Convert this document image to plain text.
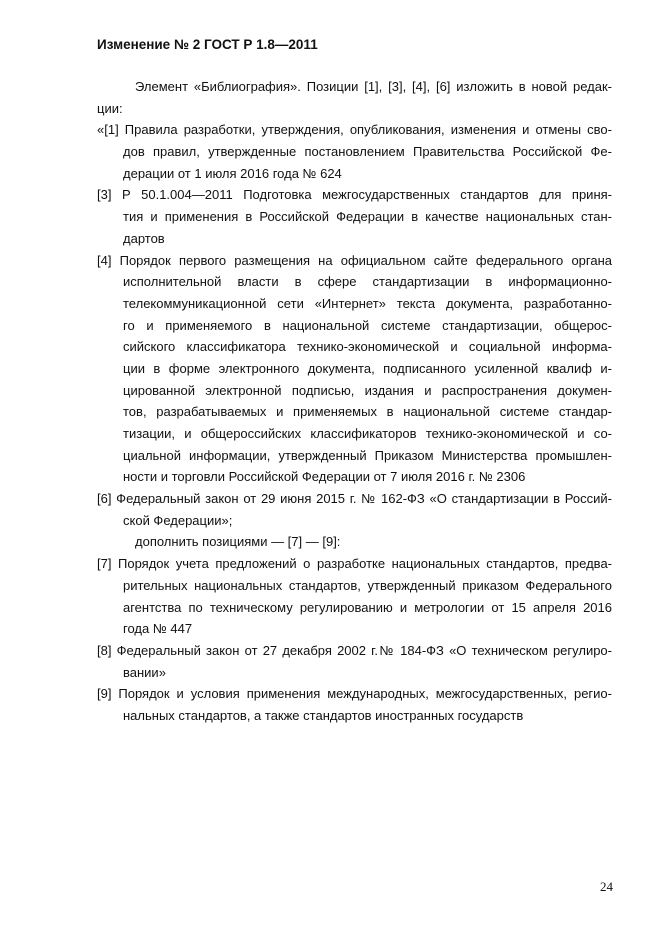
Изменение № 2 ГОСТ Р 1.8—2011
Элемент «Библиография». Позиции [1], [3], [4], [6] изложить в новой редак-
ции:
«[1] Правила разработки, утверждения, опубликования, изменения и отмены сво-
дов правил, утвержденные постановлением Правительства Российской Фе-
дерации от 1 июля 2016 года № 624
[3] Р 50.1.004—2011 Подготовка межгосударственных стандартов для приня-
тия и применения в Российской Федерации в качестве национальных стан-
дартов
[4] Порядок первого размещения на официальном сайте федерального органа
исполнительной власти в сфере стандартизации в информационно-
телекоммуникационной сети «Интернет» текста документа, разработанно-
го и применяемого в национальной системе стандартизации, общерос-
сийского классификатора технико-экономической и социальной информа-
ции в форме электронного документа, подписанного усиленной квалиф и-
цированной электронной подписью, издания и распространения докумен-
тов, разрабатываемых и применяемых в национальной системе стандар-
тизации, и общероссийских классификаторов технико-экономической и со-
циальной информации, утвержденный Приказом Министерства промышлен-
ности и торговли Российской Федерации от 7 июля 2016 г. № 2306
[6] Федеральный закон от 29 июня 2015 г. № 162-ФЗ «О стандартизации в Россий-
ской Федерации»;
дополнить позициями — [7] — [9]:
[7] Порядок учета предложений о разработке национальных стандартов, предва-
рительных национальных стандартов, утвержденный приказом Федерального
агентства по техническому регулированию и метрологии от 15 апреля 2016
года № 447
[8] Федеральный закон от 27 декабря 2002 г.№ 184-ФЗ «О техническом регулиро-
вании»
[9] Порядок и условия применения международных, межгосударственных, регио-
нальных стандартов, а также стандартов иностранных государств
24
